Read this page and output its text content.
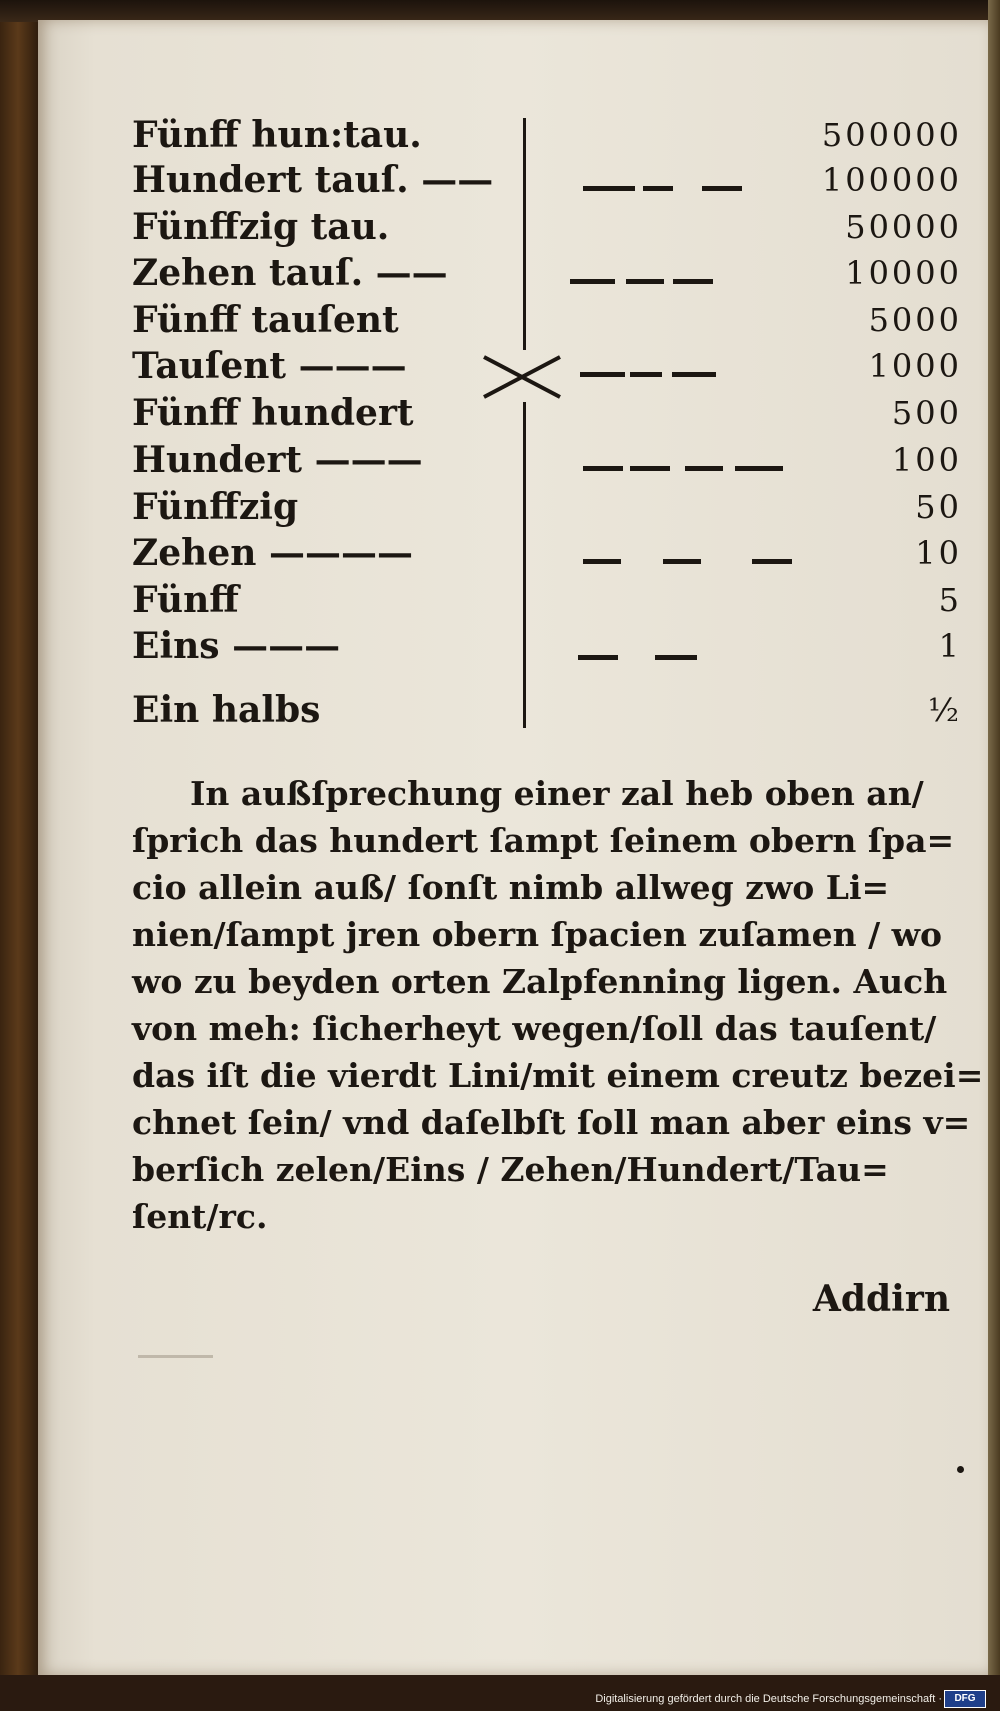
Fünff hun:tau.	500000
Hundert tauſ. ——	100000
Fünffzig tau.	50000
Zehen tauſ. ——	10000
Fünff tauſent	5000
Tauſent ———	1000
Fünff hundert	500
Hundert ———	100
Fünffzig	50
Zehen ————	10
Fünff	5
Eins ———	1
Ein halbs	½
In außſprechung einer zal heb oben an/
ſprich das hundert ſampt ſeinem obern ſpa=
cio allein auß/ ſonſt nimb allweg zwo Li=
nien/ſampt jren obern ſpacien zuſamen / wo
wo zu beyden orten Zalpfenning ligen. Auch
von meh: ſicherheyt wegen/ſoll das tauſent/
das iſt die vierdt Lini/mit einem creutz bezei=
chnet ſein/ vnd daſelbſt ſoll man aber eins v=
berſich zelen/Eins / Zehen/Hundert/Tau=
ſent/rc.
Addirn
Digitalisierung gefördert durch die Deutsche Forschungsgemeinschaft ·	DFG
